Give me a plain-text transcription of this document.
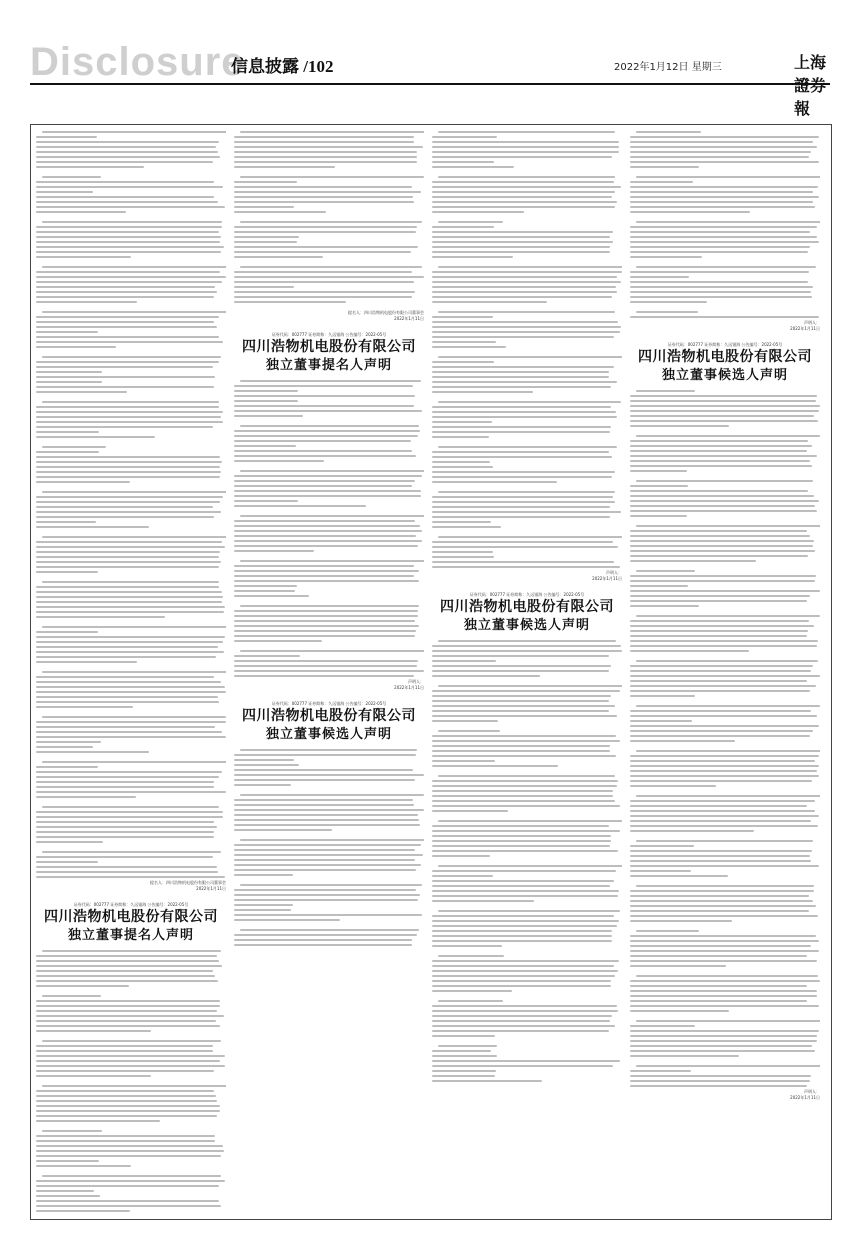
Disclosure
信息披露 /102	2022年1月12日 星期三	上海證券報
提名人：四川浩物机电股份有限公司董事会
2022年1月11日
证券代码：002777 证券简称：久远银海 公告编号：2022-05号
四川浩物机电股份有限公司
独立董事提名人声明
提名人：四川浩物机电股份有限公司董事会
2022年1月11日
证券代码：002777 证券简称：久远银海 公告编号：2022-05号
四川浩物机电股份有限公司
独立董事提名人声明
声明人：
2022年1月11日
证券代码：002777 证券简称：久远银海 公告编号：2022-05号
四川浩物机电股份有限公司
独立董事候选人声明
声明人：
2022年1月11日
证券代码：002777 证券简称：久远银海 公告编号：2022-05号
四川浩物机电股份有限公司
独立董事候选人声明
声明人：
2022年1月11日
证券代码：002777 证券简称：久远银海 公告编号：2022-05号
四川浩物机电股份有限公司
独立董事候选人声明
声明人：
2022年1月11日
